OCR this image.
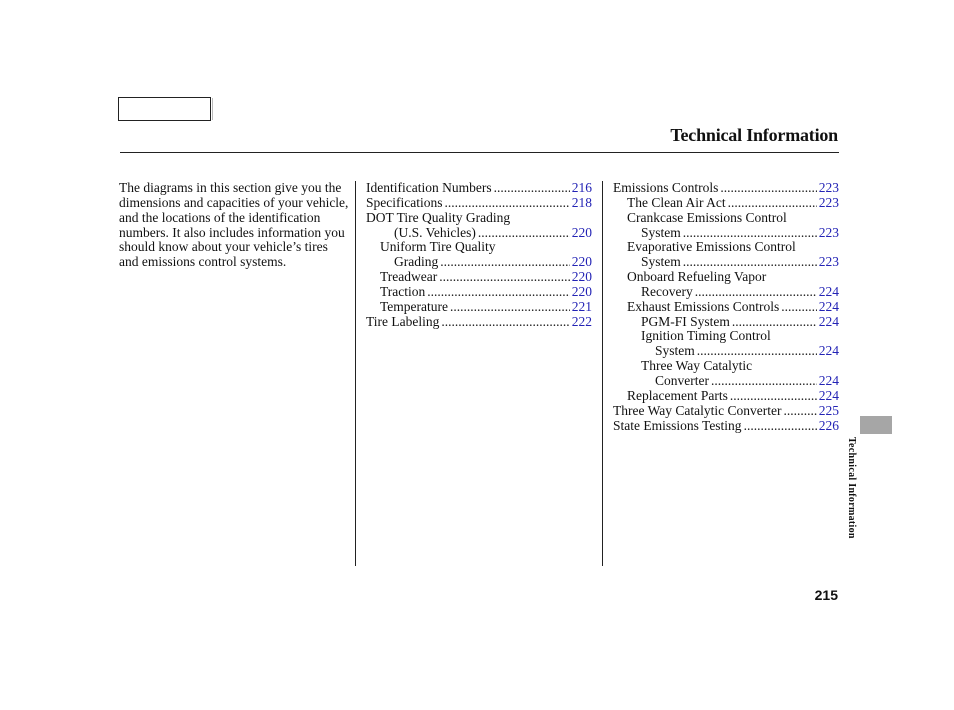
Technical Information

The diagrams in this section give you the dimensions and capacities of your vehicle, and the locations of the identification numbers. It also includes information you should know about your vehicle’s tires and emissions control systems.

Identification Numbers .....	216
Specifications .....	218
DOT Tire Quality Grading
(U.S. Vehicles) .....	220
Uniform Tire Quality
Grading .....	220
Treadwear .....	220
Traction .....	220
Temperature .....	221
Tire Labeling .....	222
Emissions Controls .....	223
The Clean Air Act .....	223
Crankcase Emissions Control
System .....	223
Evaporative Emissions Control
System .....	223
Onboard Refueling Vapor
Recovery .....	224
Exhaust Emissions Controls .....	224
PGM-FI System .....	224
Ignition Timing Control
System .....	224
Three Way Catalytic
Converter .....	224
Replacement Parts .....	224
Three Way Catalytic Converter .....	225
State Emissions Testing .....	226
Technical Information
215
